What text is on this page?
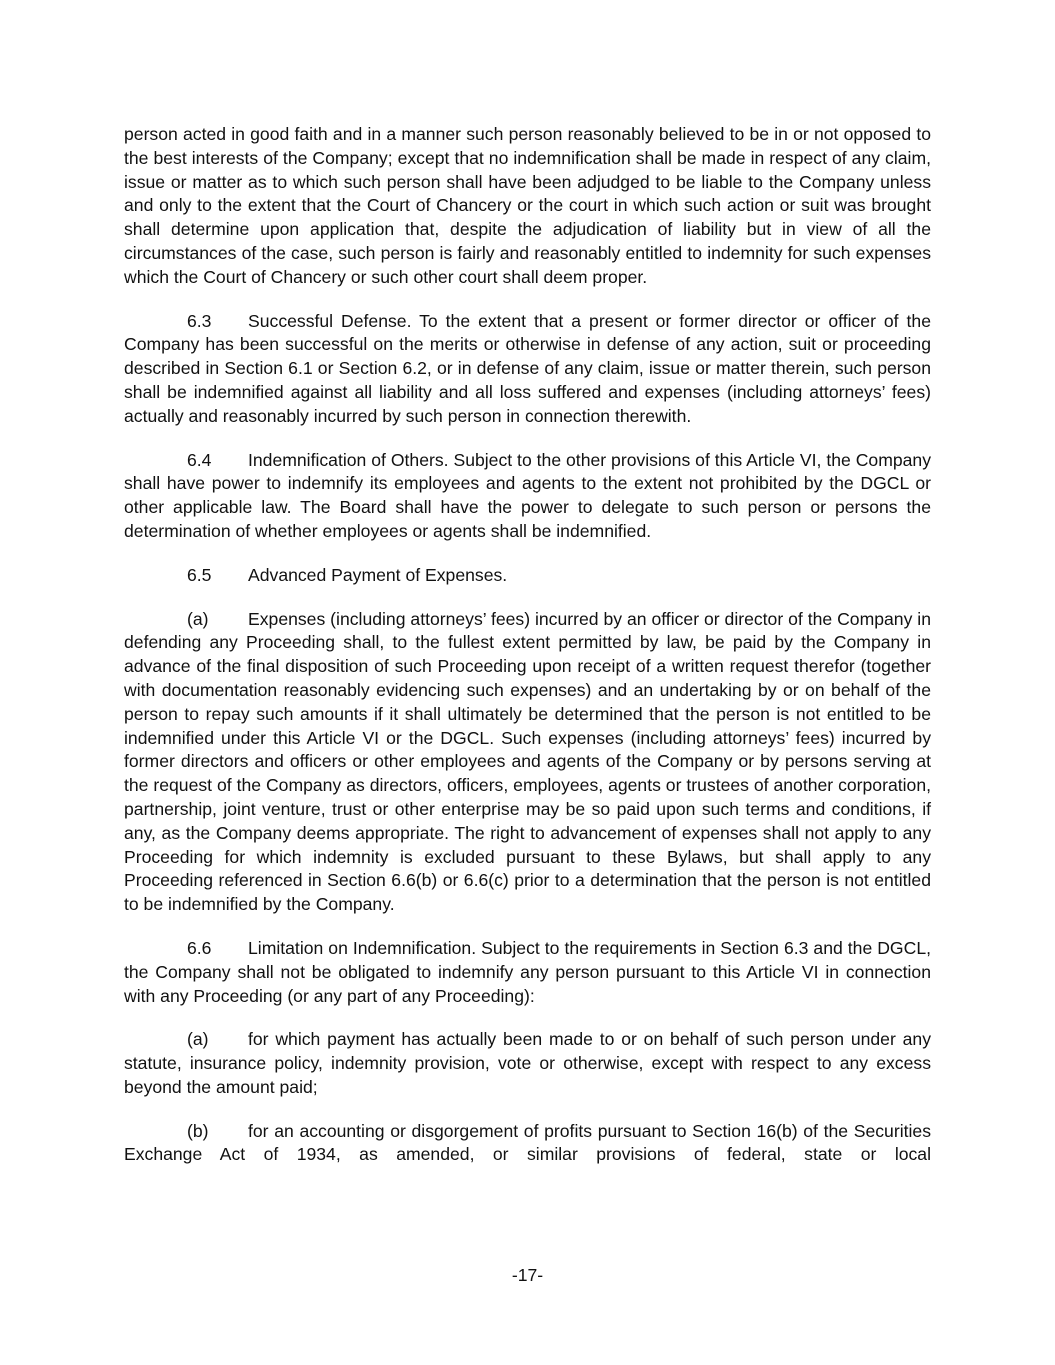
person acted in good faith and in a manner such person reasonably believed to be in or not opposed to the best interests of the Company; except that no indemnification shall be made in respect of any claim, issue or matter as to which such person shall have been adjudged to be liable to the Company unless and only to the extent that the Court of Chancery or the court in which such action or suit was brought shall determine upon application that, despite the adjudication of liability but in view of all the circumstances of the case, such person is fairly and reasonably entitled to indemnity for such expenses which the Court of Chancery or such other court shall deem proper.

6.3 Successful Defense. To the extent that a present or former director or officer of the Company has been successful on the merits or otherwise in defense of any action, suit or proceeding described in Section 6.1 or Section 6.2, or in defense of any claim, issue or matter therein, such person shall be indemnified against all liability and all loss suffered and expenses (including attorneys’ fees) actually and reasonably incurred by such person in connection therewith.

6.4 Indemnification of Others. Subject to the other provisions of this Article VI, the Company shall have power to indemnify its employees and agents to the extent not prohibited by the DGCL or other applicable law. The Board shall have the power to delegate to such person or persons the determination of whether employees or agents shall be indemnified.

6.5 Advanced Payment of Expenses.

(a) Expenses (including attorneys’ fees) incurred by an officer or director of the Company in defending any Proceeding shall, to the fullest extent permitted by law, be paid by the Company in advance of the final disposition of such Proceeding upon receipt of a written request therefor (together with documentation reasonably evidencing such expenses) and an undertaking by or on behalf of the person to repay such amounts if it shall ultimately be determined that the person is not entitled to be indemnified under this Article VI or the DGCL. Such expenses (including attorneys’ fees) incurred by former directors and officers or other employees and agents of the Company or by persons serving at the request of the Company as directors, officers, employees, agents or trustees of another corporation, partnership, joint venture, trust or other enterprise may be so paid upon such terms and conditions, if any, as the Company deems appropriate. The right to advancement of expenses shall not apply to any Proceeding for which indemnity is excluded pursuant to these Bylaws, but shall apply to any Proceeding referenced in Section 6.6(b) or 6.6(c) prior to a determination that the person is not entitled to be indemnified by the Company.

6.6 Limitation on Indemnification. Subject to the requirements in Section 6.3 and the DGCL, the Company shall not be obligated to indemnify any person pursuant to this Article VI in connection with any Proceeding (or any part of any Proceeding):

(a) for which payment has actually been made to or on behalf of such person under any statute, insurance policy, indemnity provision, vote or otherwise, except with respect to any excess beyond the amount paid;

(b) for an accounting or disgorgement of profits pursuant to Section 16(b) of the Securities Exchange Act of 1934, as amended, or similar provisions of federal, state or local

-17-
